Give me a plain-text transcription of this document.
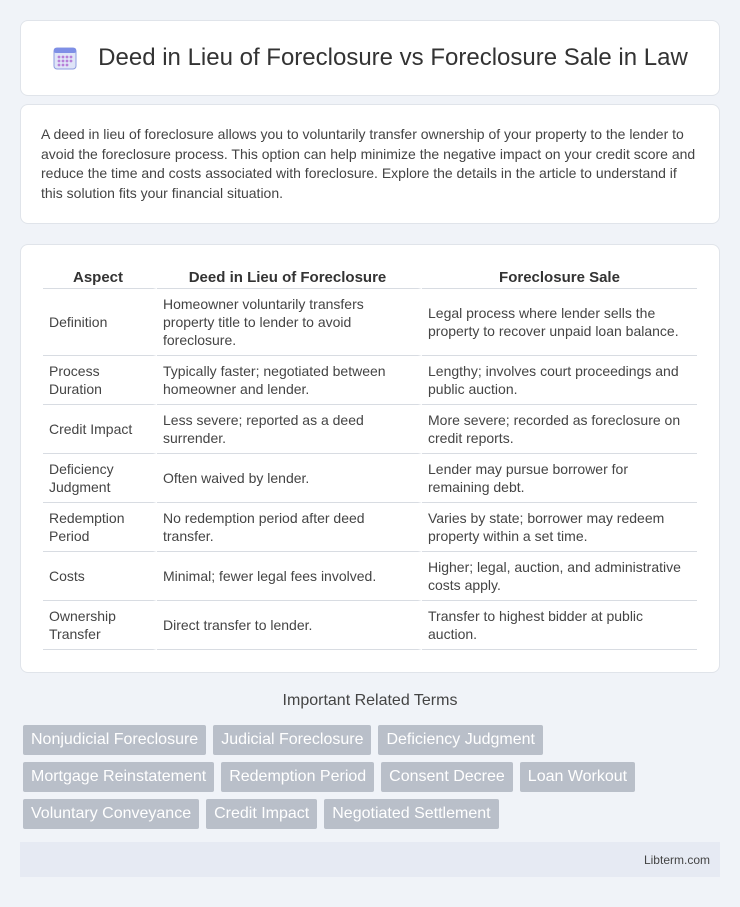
Deed in Lieu of Foreclosure vs Foreclosure Sale in Law

A deed in lieu of foreclosure allows you to voluntarily transfer ownership of your property to the lender to avoid the foreclosure process. This option can help minimize the negative impact on your credit score and reduce the time and costs associated with foreclosure. Explore the details in the article to understand if this solution fits your financial situation.

Aspect	Deed in Lieu of Foreclosure	Foreclosure Sale
Definition	Homeowner voluntarily transfers property title to lender to avoid foreclosure.	Legal process where lender sells the property to recover unpaid loan balance.
Process Duration	Typically faster; negotiated between homeowner and lender.	Lengthy; involves court proceedings and public auction.
Credit Impact	Less severe; reported as a deed surrender.	More severe; recorded as foreclosure on credit reports.
Deficiency Judgment	Often waived by lender.	Lender may pursue borrower for remaining debt.
Redemption Period	No redemption period after deed transfer.	Varies by state; borrower may redeem property within a set time.
Costs	Minimal; fewer legal fees involved.	Higher; legal, auction, and administrative costs apply.
Ownership Transfer	Direct transfer to lender.	Transfer to highest bidder at public auction.
Important Related Terms
Nonjudicial Foreclosure	Judicial Foreclosure	Deficiency Judgment
Mortgage Reinstatement	Redemption Period	Consent Decree	Loan Workout
Voluntary Conveyance	Credit Impact	Negotiated Settlement
Libterm.com
